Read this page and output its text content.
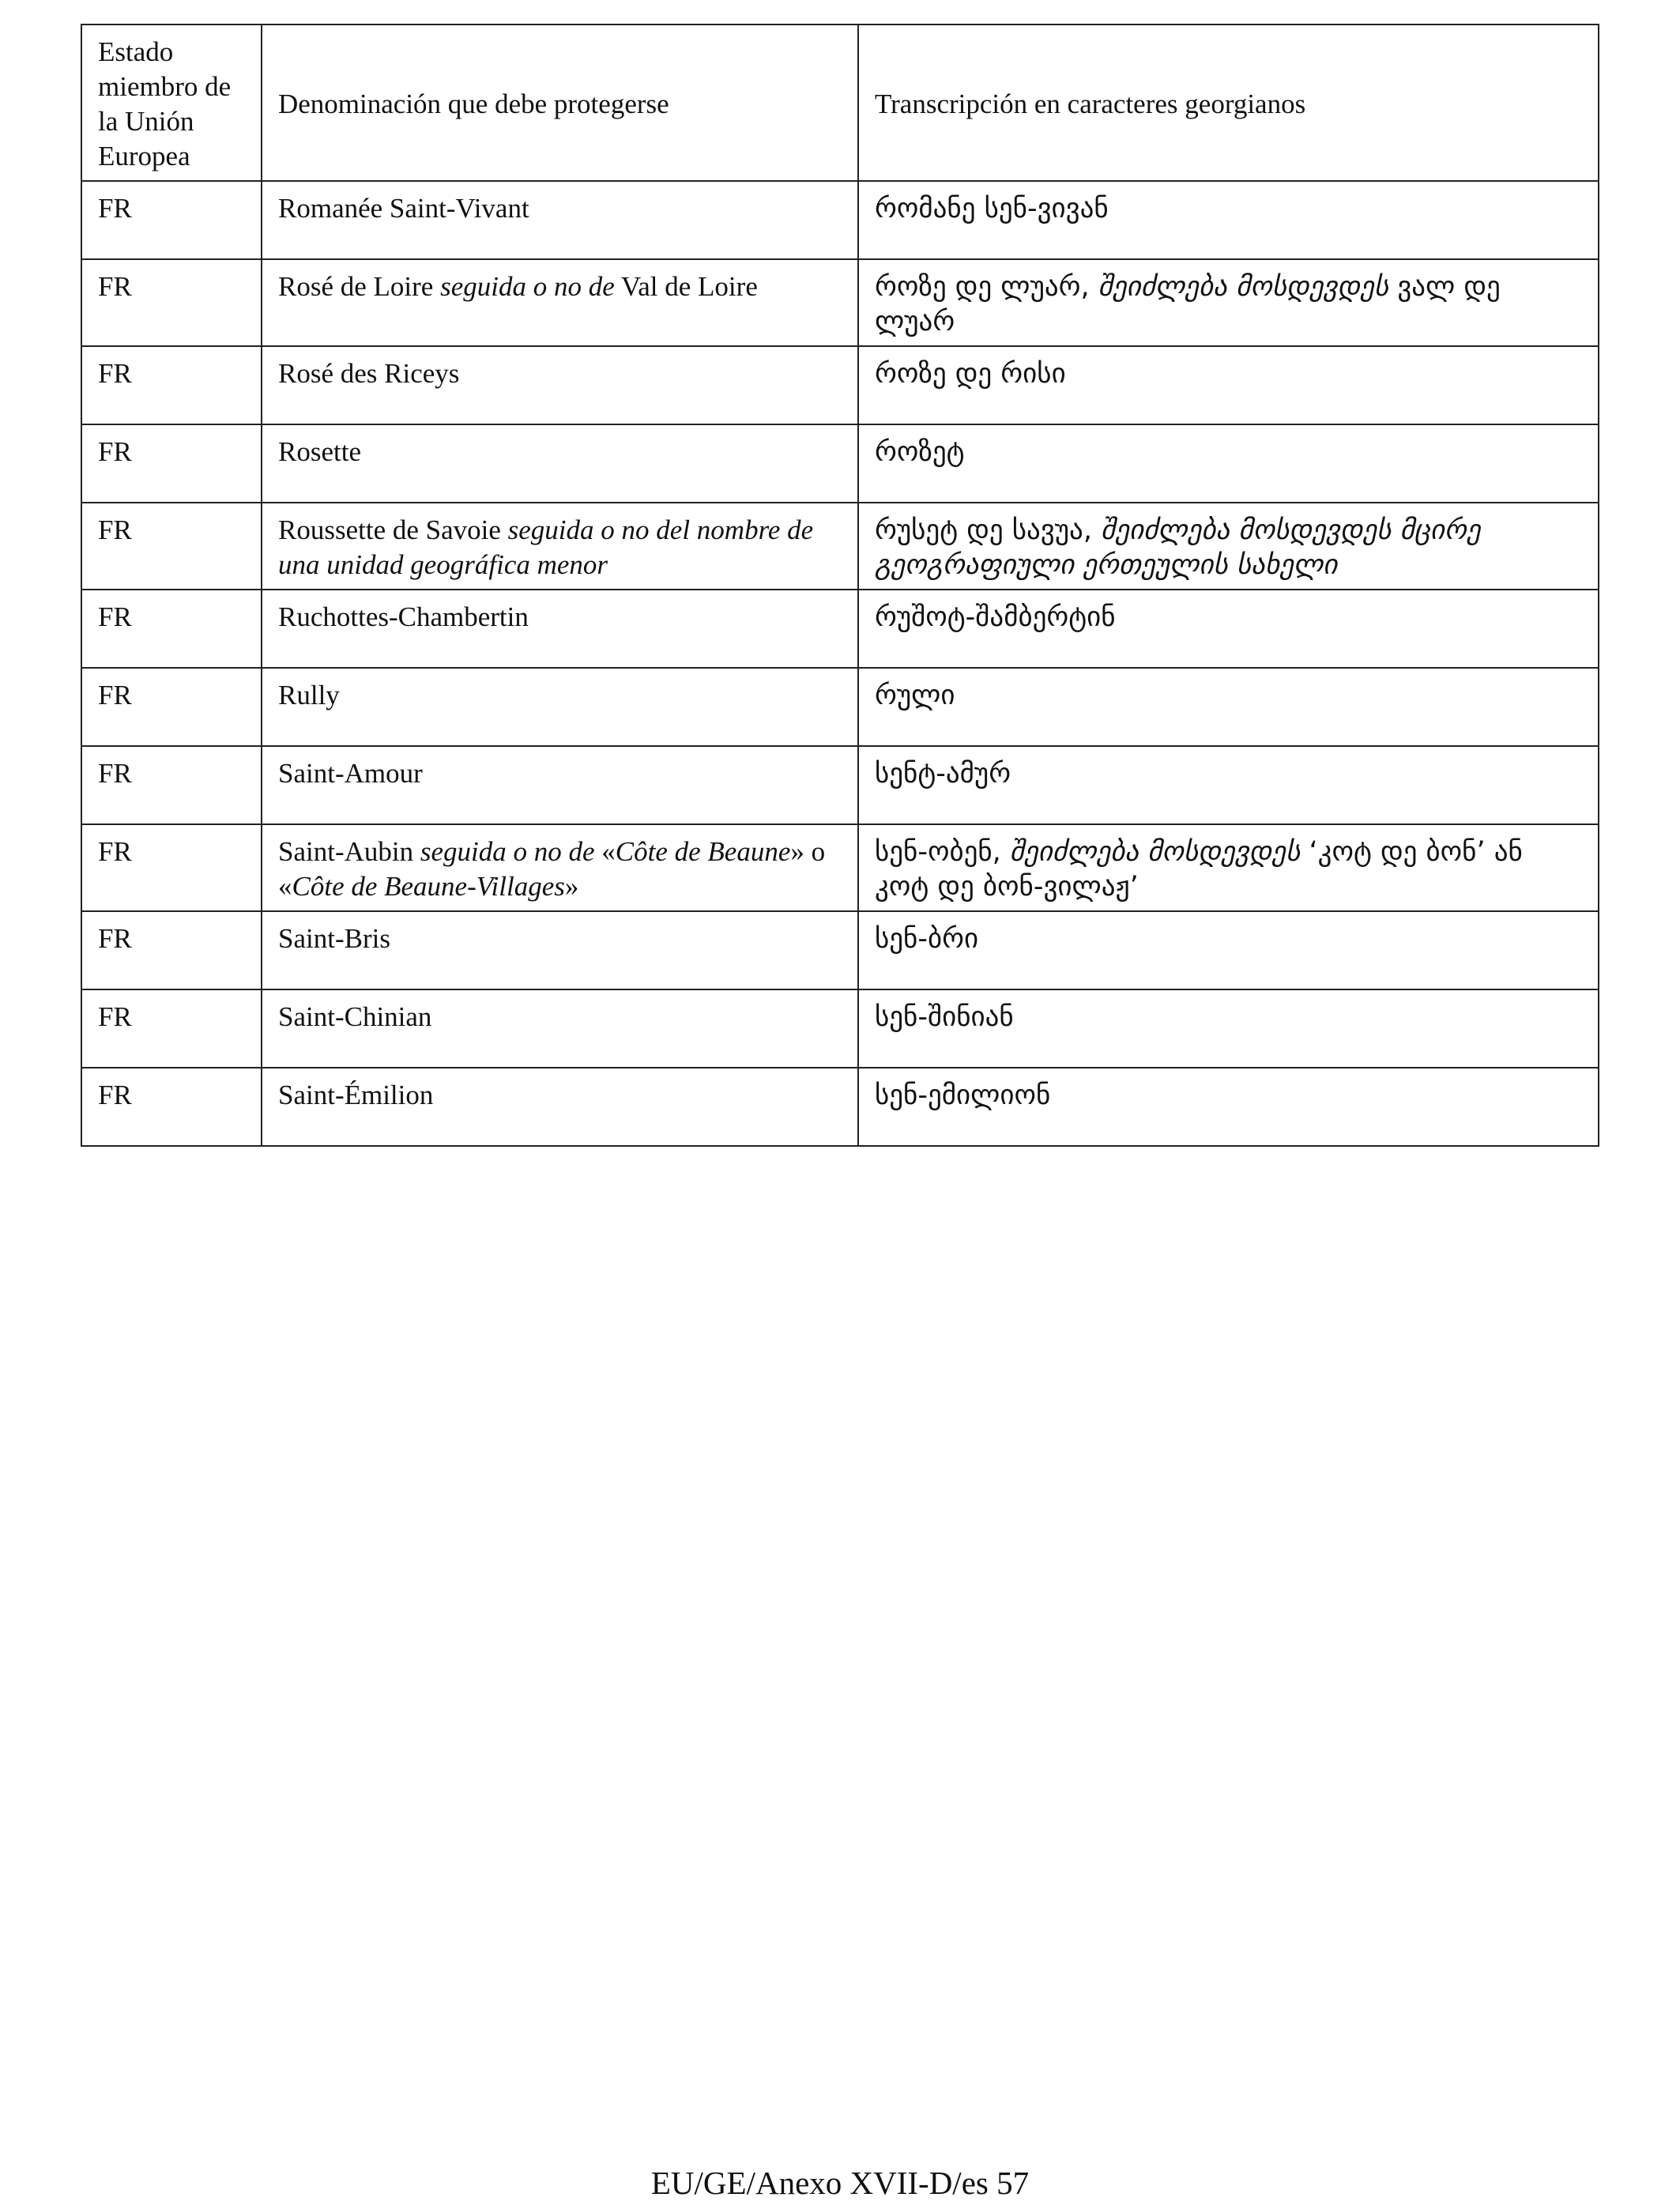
Estado miembro de la Unión Europea	Denominación que debe protegerse	Transcripción en caracteres georgianos
FR	Romanée Saint-Vivant	რომანე სენ-ვივან
FR	Rosé de Loire seguida o no de Val de Loire	როზე დე ლუარ, შეიძლება მოსდევდეს ვალ დე ლუარ
FR	Rosé des Riceys	როზე დე რისი
FR	Rosette	როზეტ
FR	Roussette de Savoie seguida o no del nombre de una unidad geográfica menor	რუსეტ დე სავუა, შეიძლება მოსდევდეს მცირე გეოგრაფიული ერთეულის სახელი
FR	Ruchottes-Chambertin	რუშოტ-შამბერტინ
FR	Rully	რული
FR	Saint-Amour	სენტ-ამურ
FR	Saint-Aubin seguida o no de «Côte de Beaune» o «Côte de Beaune-Villages»	სენ-ობენ, შეიძლება მოსდევდეს ‘კოტ დე ბონ’ ან კოტ დე ბონ-ვილაჟ’
FR	Saint-Bris	სენ-ბრი
FR	Saint-Chinian	სენ-შინიან
FR	Saint-Émilion	სენ-ემილიონ
EU/GE/Anexo XVII-D/es 57
